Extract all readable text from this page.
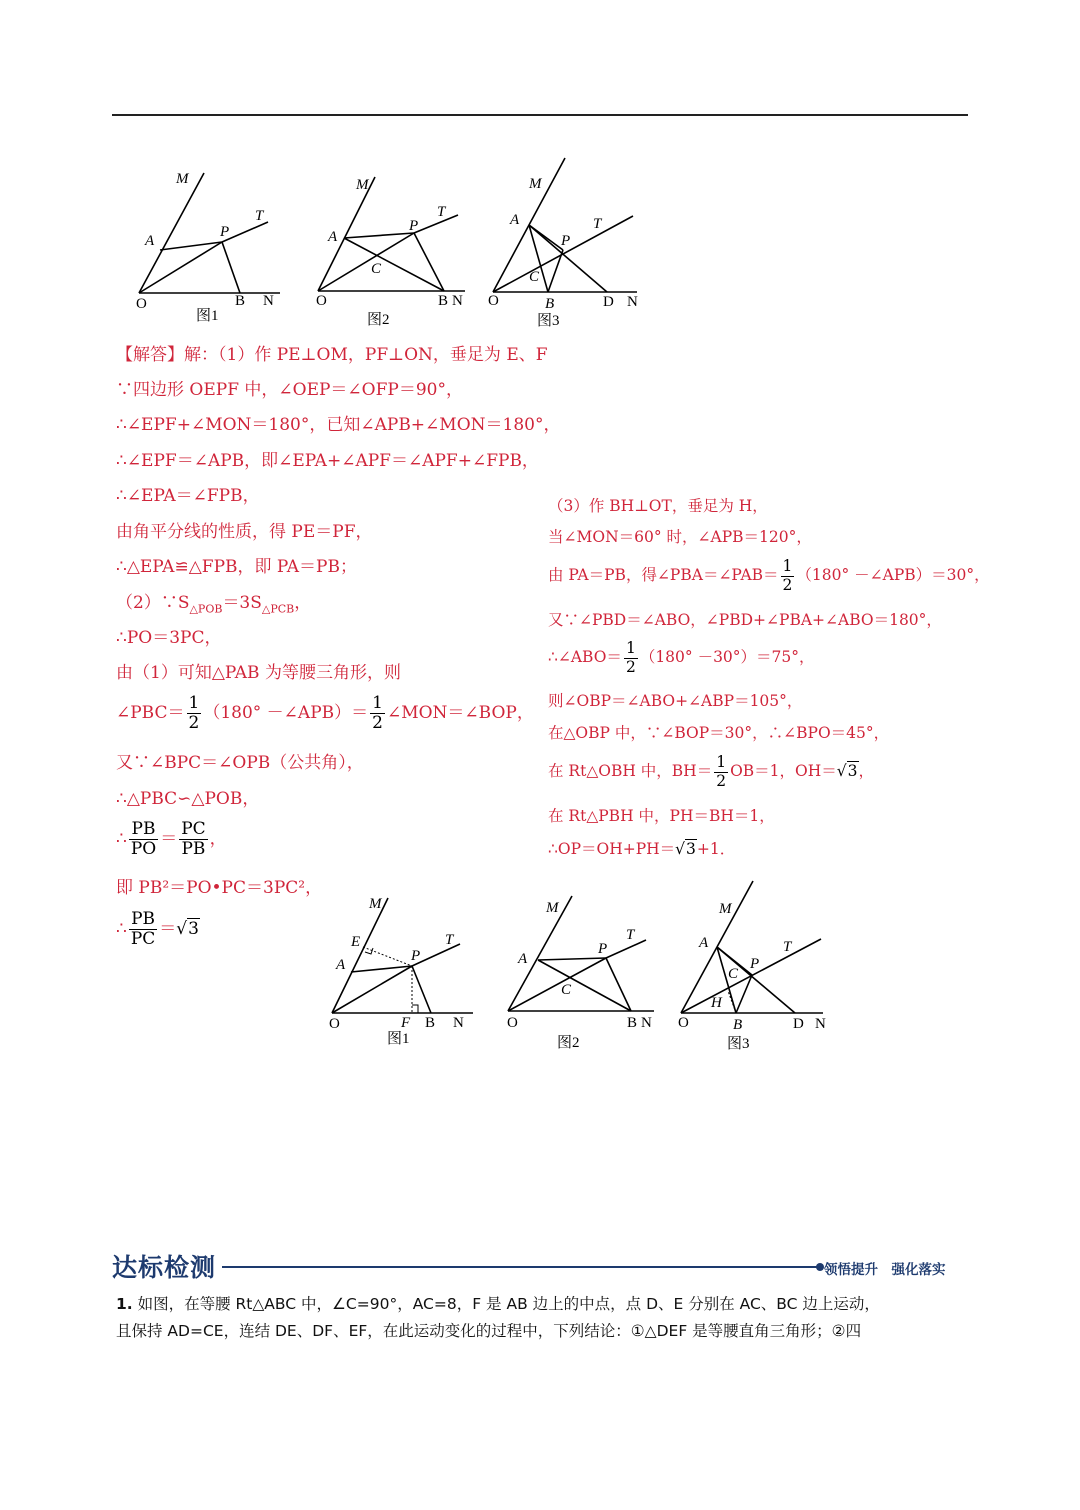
M
A
P
T
O	B N
图1
M
A
P
T
C
O	B N
图2
M
A
P
T
C
O	B	D N
图3
【解答】解：（1）作 PE⊥OM，PF⊥ON，垂足为 E、F
∵四边形 OEPF 中，∠OEP＝∠OFP＝90°，
∴∠EPF+∠MON＝180°，已知∠APB+∠MON＝180°，
∴∠EPF＝∠APB，即∠EPA+∠APF＝∠APF+∠FPB，
∴∠EPA＝∠FPB，
由角平分线的性质，得 PE＝PF，
∴△EPA≌△FPB，即 PA＝PB；
$(2)\because S_{\triangle POB}=3S_{\triangle PCB}$，
∴PO＝3PC，
由（1）可知△PAB 为等腰三角形，则
∠PBC＝ $\frac{1}{2} (180^\circ$ －∠APB）＝ $\frac{1}{2}$ ∠MON＝∠BOP，
又∵∠BPC＝∠OPB（公共角），
∴△PBC∽△POB，
∴ $\frac{PB}{PO} = \frac{PC}{PB}$ ，
即 PB²＝PO•PC＝3PC²，
∴ $\frac{PB}{PC} =√3$
（3）作 BH⊥OT，垂足为 H，
当∠MON＝60° 时，∠APB＝120°，
由 PA＝PB，得∠PBA＝∠PAB＝ $\frac{1}{2} (180^\circ$ －∠APB）＝30°，
又∵∠PBD＝∠ABO，∠PBD+∠PBA+∠ABO＝180°，
∴∠ABO＝ $\frac{1}{2} (180^\circ -30^\circ)=75^\circ$，
则∠OBP＝∠ABO+∠ABP＝105°，
在△OBP 中，∵∠BOP＝30°，∴∠BPO＝45°，
在 Rt△OBH 中，$BH= \frac{1}{2} OB=1$，OH＝√3，
在 Rt△PBH 中，PH＝BH＝1，
∴OP＝OH+PH＝√3+1．
M
E
A
P
T
O	F B N
图1
M
A
P
T
C
O	B N
图2
M
A
P
T
C
H
O	B	D N
图3
达标检测	领悟提升　强化落实
1. 如图，在等腰 Rt△ABC 中，∠C=90°，AC=8，F 是 AB 边上的中点，点 D、E 分别在 AC、BC 边上运动，
且保持 AD=CE，连结 DE、DF、EF，在此运动变化的过程中，下列结论：①△DEF 是等腰直角三角形；②四
